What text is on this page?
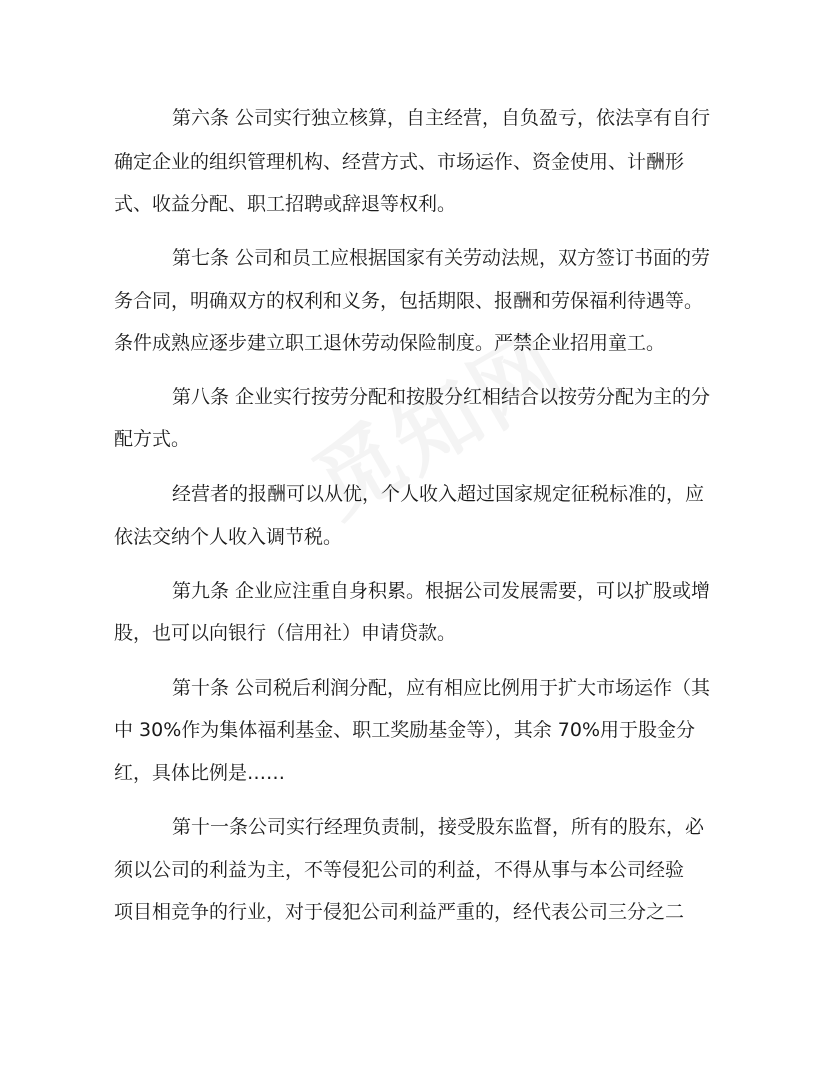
第六条 公司实行独立核算，自主经营，自负盈亏，依法享有自行
确定企业的组织管理机构、经营方式、市场运作、资金使用、计酬形
式、收益分配、职工招聘或辞退等权利。
第七条 公司和员工应根据国家有关劳动法规，双方签订书面的劳
务合同，明确双方的权利和义务，包括期限、报酬和劳保福利待遇等。
条件成熟应逐步建立职工退休劳动保险制度。严禁企业招用童工。
第八条 企业实行按劳分配和按股分红相结合以按劳分配为主的分
配方式。
经营者的报酬可以从优，个人收入超过国家规定征税标准的，应
依法交纳个人收入调节税。
第九条 企业应注重自身积累。根据公司发展需要，可以扩股或增
股，也可以向银行（信用社）申请贷款。
第十条 公司税后利润分配，应有相应比例用于扩大市场运作（其
中 30%作为集体福利基金、职工奖励基金等），其余 70%用于股金分
红，具体比例是……
第十一条公司实行经理负责制，接受股东监督，所有的股东，必
须以公司的利益为主，不等侵犯公司的利益，不得从事与本公司经验
项目相竞争的行业，对于侵犯公司利益严重的，经代表公司三分之二
